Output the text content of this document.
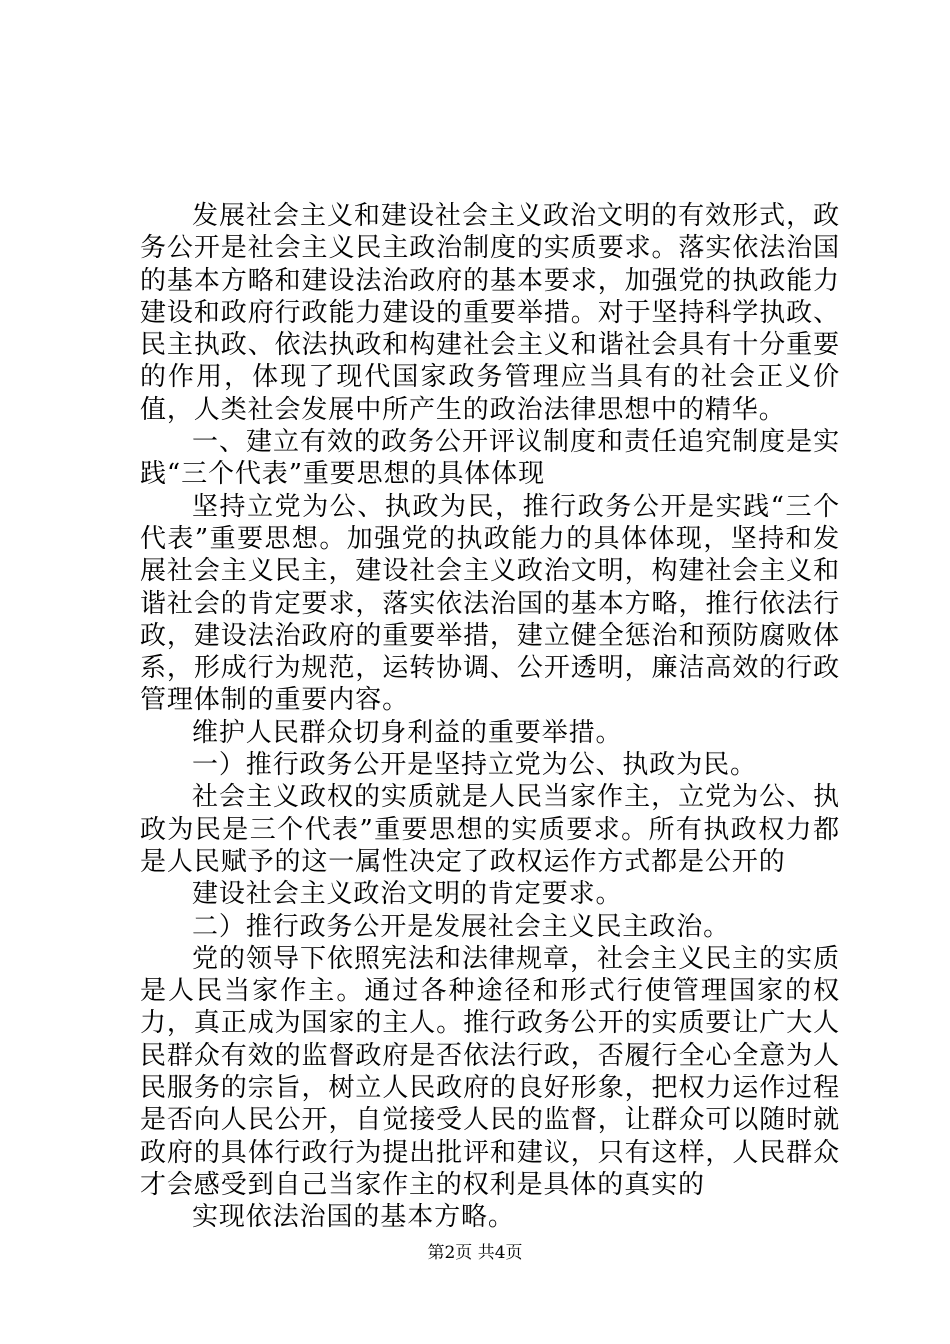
发展社会主义和建设社会主义政治文明的有效形式，政务公开是社会主义民主政治制度的实质要求。落实依法治国的基本方略和建设法治政府的基本要求，加强党的执政能力建设和政府行政能力建设的重要举措。对于坚持科学执政、民主执政、依法执政和构建社会主义和谐社会具有十分重要的作用，体现了现代国家政务管理应当具有的社会正义价值，人类社会发展中所产生的政治法律思想中的精华。

一、建立有效的政务公开评议制度和责任追究制度是实践“三个代表”重要思想的具体体现

坚持立党为公、执政为民，推行政务公开是实践“三个代表”重要思想。加强党的执政能力的具体体现，坚持和发展社会主义民主，建设社会主义政治文明，构建社会主义和谐社会的肯定要求，落实依法治国的基本方略，推行依法行政，建设法治政府的重要举措，建立健全惩治和预防腐败体系，形成行为规范，运转协调、公开透明，廉洁高效的行政管理体制的重要内容。

维护人民群众切身利益的重要举措。

一）推行政务公开是坚持立党为公、执政为民。

社会主义政权的实质就是人民当家作主，立党为公、执政为民是三个代表”重要思想的实质要求。所有执政权力都是人民赋予的这一属性决定了政权运作方式都是公开的

建设社会主义政治文明的肯定要求。

二）推行政务公开是发展社会主义民主政治。

党的领导下依照宪法和法律规章，社会主义民主的实质是人民当家作主。通过各种途径和形式行使管理国家的权力，真正成为国家的主人。推行政务公开的实质要让广大人民群众有效的监督政府是否依法行政，否履行全心全意为人民服务的宗旨，树立人民政府的良好形象，把权力运作过程是否向人民公开，自觉接受人民的监督，让群众可以随时就政府的具体行政行为提出批评和建议，只有这样，人民群众才会感受到自己当家作主的权利是具体的真实的

实现依法治国的基本方略。

第2页 共4页
